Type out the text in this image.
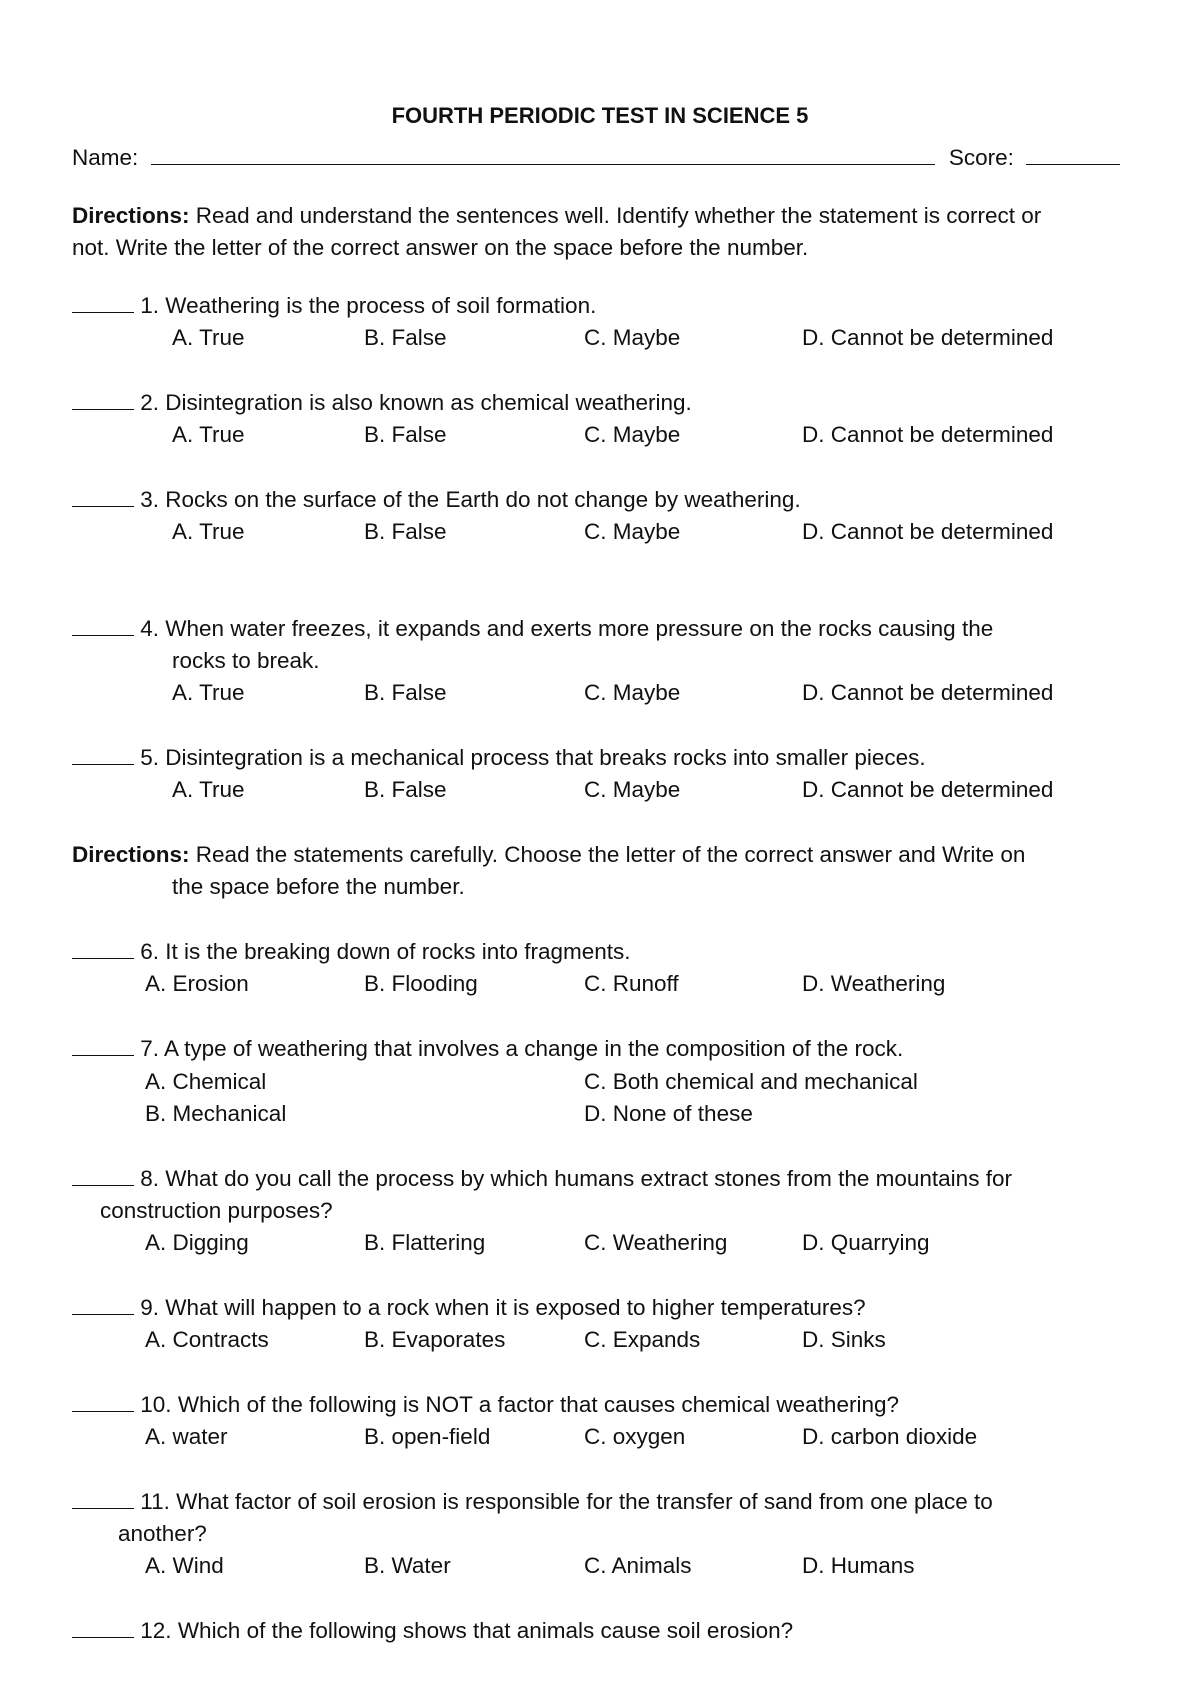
FOURTH PERIODIC TEST IN SCIENCE 5
Name:	Score:
Directions: Read and understand the sentences well. Identify whether the statement is correct or
not. Write the letter of the correct answer on the space before the number.
1. Weathering is the process of soil formation.
A. True	B. False	C. Maybe	D. Cannot be determined
2. Disintegration is also known as chemical weathering.
A. True	B. False	C. Maybe	D. Cannot be determined
3. Rocks on the surface of the Earth do not change by weathering.
A. True	B. False	C. Maybe	D. Cannot be determined
4. When water freezes, it expands and exerts more pressure on the rocks causing the
rocks to break.
A. True	B. False	C. Maybe	D. Cannot be determined
5. Disintegration is a mechanical process that breaks rocks into smaller pieces.
A. True	B. False	C. Maybe	D. Cannot be determined
Directions: Read the statements carefully. Choose the letter of the correct answer and Write on
the space before the number.
6. It is the breaking down of rocks into fragments.
A. Erosion	B. Flooding	C. Runoff	D. Weathering
7. A type of weathering that involves a change in the composition of the rock.
A. Chemical	C. Both chemical and mechanical
B. Mechanical	D. None of these
8. What do you call the process by which humans extract stones from the mountains for
construction purposes?
A. Digging	B. Flattering	C. Weathering	D. Quarrying
9. What will happen to a rock when it is exposed to higher temperatures?
A. Contracts	B. Evaporates	C. Expands	D. Sinks
10. Which of the following is NOT a factor that causes chemical weathering?
A. water	B. open-field	C. oxygen	D. carbon dioxide
11. What factor of soil erosion is responsible for the transfer of sand from one place to
another?
A. Wind	B. Water	C. Animals	D. Humans
12. Which of the following shows that animals cause soil erosion?
